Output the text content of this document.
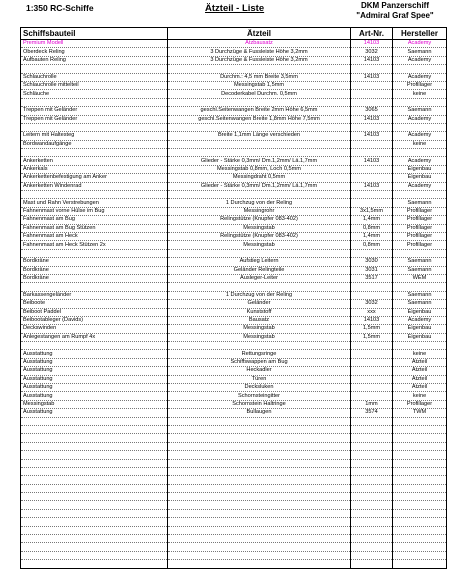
1:350 RC-Schiffe	Ätzteil - Liste	DKM Panzerschiff
"Admiral Graf Spee"
Schiffsbauteil	Ätzteil	Art-Nr.	Hersteller
Premium Modell	Ätzbausatz	14103	Academy
Oberdeck Reling	3 Durchzüge & Fussleiste Höhe 3,2mm	3032	Saemann
Aufbauten Reling	3 Durchzüge & Fussleiste Höhe 3,2mm	14103	Academy

Schlauchrolle	Durchm.: 4,5 mm Breite 3,5mm	14103	Academy
Schlauchrolle mittelteil	Messingstab 1,5mm		Profillager
Schläuche	Decoderkabel Durchm. 0,5mm		keine

Treppen mit Geländer	geschl.Seitenwangen Breite 2mm Höhe 6,5mm	3065	Saemann
Treppen mit Geländer	geschl.Seitenwangen Breite 1,8mm Höhe 7,5mm	14103	Academy

Leitern mit Haltesteg	Breite 1,1mm Länge verschieden	14103	Academy
Bordwandaufgänge			keine

Ankerketten	Glieder - Stärke 0,3mm/ Dm.1,2mm/ Lä.1,7mm	14103	Academy
Ankerkals	Messingstab 0,8mm, Loch 0,5mm		Eigenbau
Ankerkettenbefestigung am Anker	Messingdraht 0,5mm		Eigenbau
Ankerketten Windenrad	Glieder - Stärke 0,3mm/ Dm.1,2mm/ Lä.1,7mm	14103	Academy

Mast und Rahn Verstrebungen	1 Durchzug von der Reling		Saemann
Fahnenmast vorne Hülse im Bug	Messingrohr	3x1,5mm	Profillager
Fahnenmast am Bug	Relingstütze (Knupfer 083-402)	1,4mm	Profillager
Fahnenmast am Bug Stützen	Messingstab	0,8mm	Profillager
Fahnenmast am Heck	Relingstütze (Knupfer 083-402)	1,4mm	Profillager
Fahnenmast am Heck Stützen 2x	Messingstab	0,8mm	Profillager

Bordkräne	Aufstieg Leitern	3030	Saemann
Bordkräne	Geländer Relingteile	3031	Saemann
Bordkräne	Ausleger-Leiter	3517	WEM

Barkassengeländer	1 Durchzug von der Reling		Saemann
Beiboote	Geländer	3032	Saemann
Beiboot Paddel	Kunststoff	xxx	Eigenbau
Beibootableger (Davids)	Bausatz	14103	Academy
Deckswinden	Messingstab	1,5mm	Eigenbau
Anlegestangen am Rumpf 4x	Messingstab	1,5mm	Eigenbau

Ausstattung	Rettungsringe		keine
Ausstattung	Schiffswappen am Bug		Atzteil
Ausstattung	Heckadler		Atzteil
Ausstattung	Türen		Atzteil
Ausstattung	Decksluken		Atzteil
Ausstattung	Schornsteingitter		keine
Messingstab	Schornstein Haltringe	1mm	Profillager
Ausstattung	Bullaugen	3574	TWM
